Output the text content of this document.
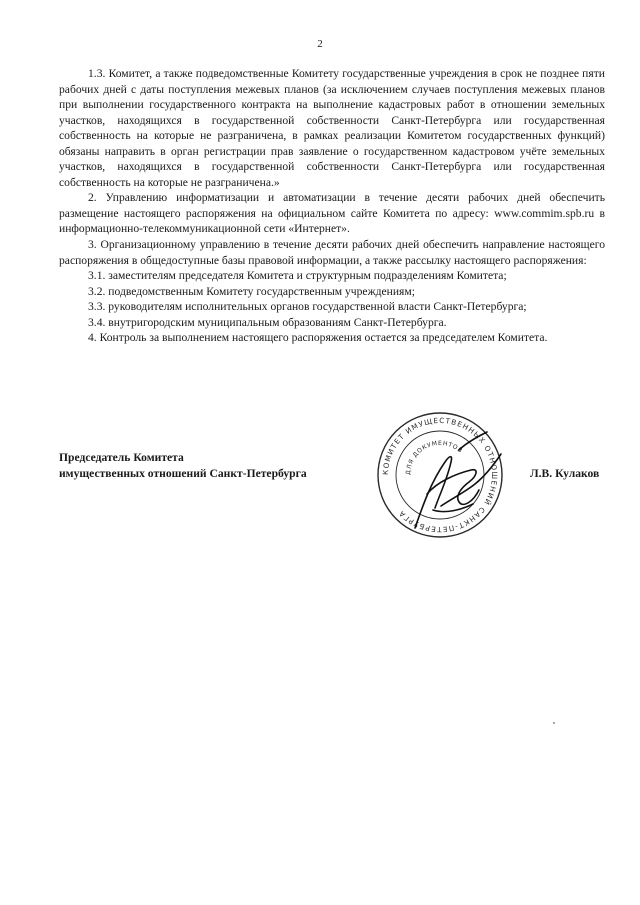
2

1.3. Комитет, а также подведомственные Комитету государственные учреждения в срок не позднее пяти рабочих дней с даты поступления межевых планов (за исключением случаев поступления межевых планов при выполнении государственного контракта на выполнение кадастровых работ в отношении земельных участков, находящихся в государственной собственности Санкт-Петербурга или государственная собственность на которые не разграничена, в рамках реализации Комитетом государственных функций) обязаны направить в орган регистрации прав заявление о государственном кадастровом учёте земельных участков, находящихся в государственной собственности Санкт-Петербурга или государственная собственность на которые не разграничена.»

2. Управлению информатизации и автоматизации в течение десяти рабочих дней обеспечить размещение настоящего распоряжения на официальном сайте Комитета по адресу: www.commim.spb.ru в информационно-телекоммуникационной сети «Интернет».

3. Организационному управлению в течение десяти рабочих дней обеспечить направление настоящего распоряжения в общедоступные базы правовой информации, а также рассылку настоящего распоряжения:

3.1. заместителям председателя Комитета и структурным подразделениям Комитета;

3.2. подведомственным Комитету государственным учреждениям;

3.3. руководителям исполнительных органов государственной власти Санкт-Петербурга;

3.4. внутригородским муниципальным образованиям Санкт-Петербурга.

4. Контроль за выполнением настоящего распоряжения остается за председателем Комитета.

Председатель Комитета
имущественных отношений Санкт-Петербурга	Л.В. Кулаков
КОМИТЕТ ИМУЩЕСТВЕННЫХ ОТНОШЕНИЙ САНКТ-ПЕТЕРБУРГА
ДЛЯ ДОКУМЕНТОВ
